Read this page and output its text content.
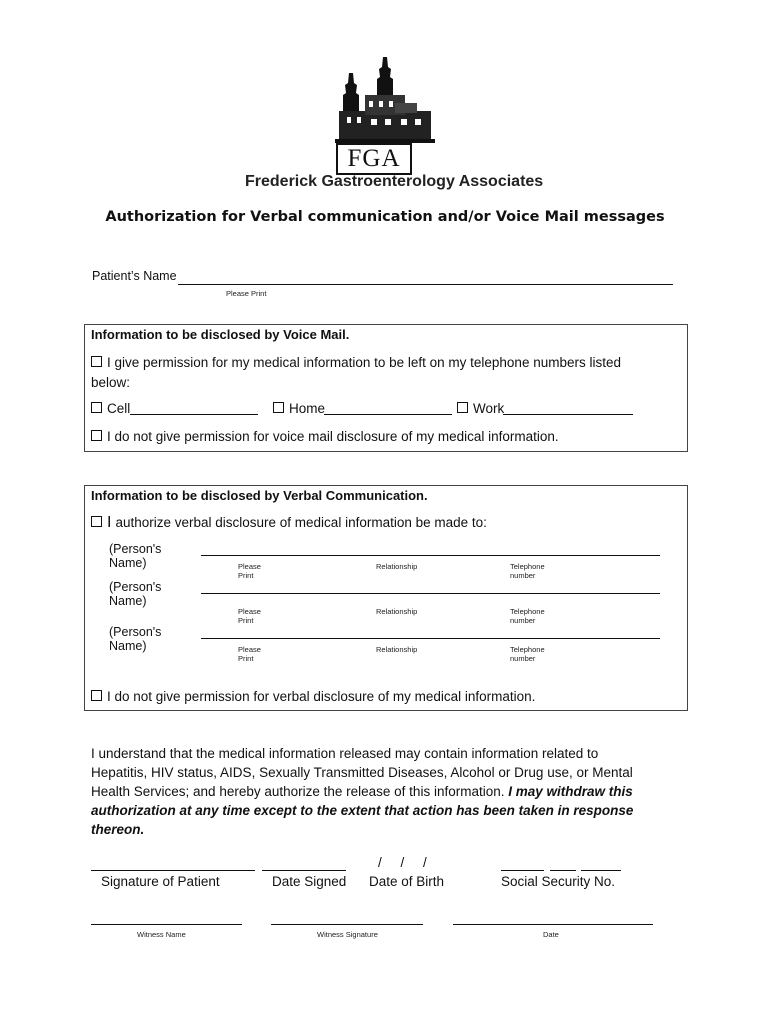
FGA
Frederick Gastroenterology Associates
Authorization for Verbal communication and/or Voice Mail messages
Patient’s Name
Please Print
Information to be disclosed by Voice Mail.
I give permission for my medical information to be left on my telephone numbers listed
below:
Cell	Home	Work
I do not give permission for voice mail disclosure of my medical information.
Information to be disclosed by Verbal Communication.
I authorize verbal disclosure of medical information be made to:
(Person's Name)	Please Print
Relationship	Telephone number
(Person's Name)
Please Print
Relationship	Telephone number
(Person's Name)	Please Print
Relationship	Telephone number
I do not give permission for verbal disclosure of my medical information.
I understand that the medical information released may contain information related to
Hepatitis, HIV status, AIDS, Sexually Transmitted Diseases, Alcohol or Drug use, or Mental
Health Services; and hereby authorize the release of this information. I may withdraw this
authorization at any time except to the extent that action has been taken in response
thereon.
/     /     /
Signature of Patient	Date Signed Date of Birth	Social Security No.
Witness Name	Witness Signature	Date
